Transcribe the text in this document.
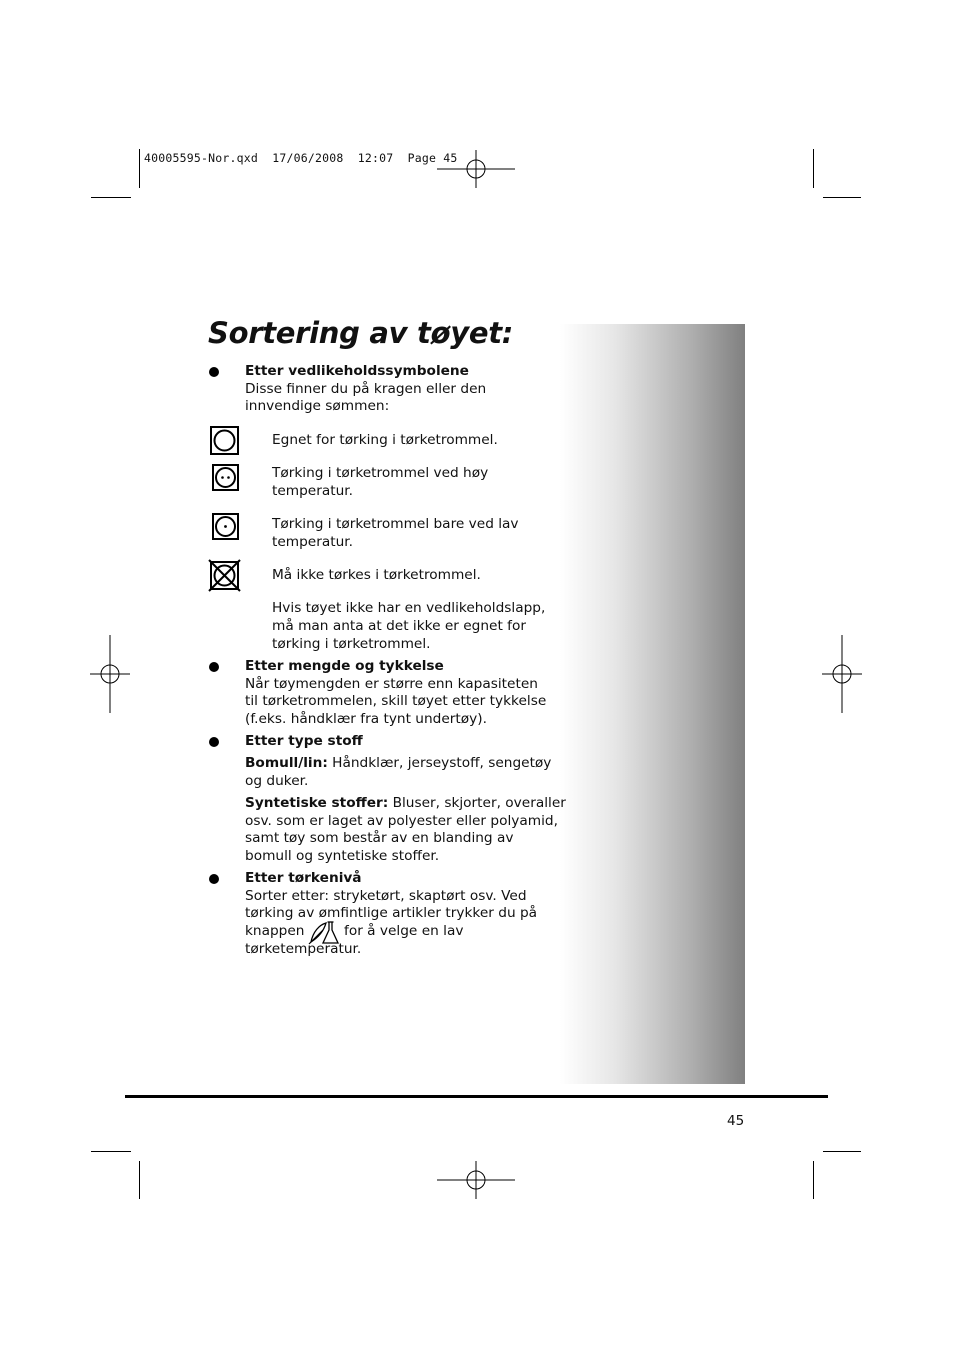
40005595-Nor.qxd  17/06/2008  12:07  Page 45
Sortering av tøyet:
Etter vedlikeholdssymbolene
Disse finner du på kragen eller den
innvendige sømmen:
Egnet for tørking i tørketrommel.
Tørking i tørketrommel ved høy
temperatur.
Tørking i tørketrommel bare ved lav
temperatur.
Må ikke tørkes i tørketrommel.
Hvis tøyet ikke har en vedlikeholdslapp,
må man anta at det ikke er egnet for
tørking i tørketrommel.
Etter mengde og tykkelse
Når tøymengden er større enn kapasiteten
til tørketrommelen, skill tøyet etter tykkelse
(f.eks. håndklær fra tynt undertøy).
Etter type stoff
Bomull/lin: Håndklær, jerseystoff, sengetøy
og duker.
Syntetiske stoffer: Bluser, skjorter, overaller
osv. som er laget av polyester eller polyamid,
samt tøy som består av en blanding av
bomull og syntetiske stoffer.
Etter tørkenivå
Sorter etter: stryketørt, skaptørt osv. Ved
tørking av ømfintlige artikler trykker du på
knappen	for å velge en lav
tørketemperatur.
45
